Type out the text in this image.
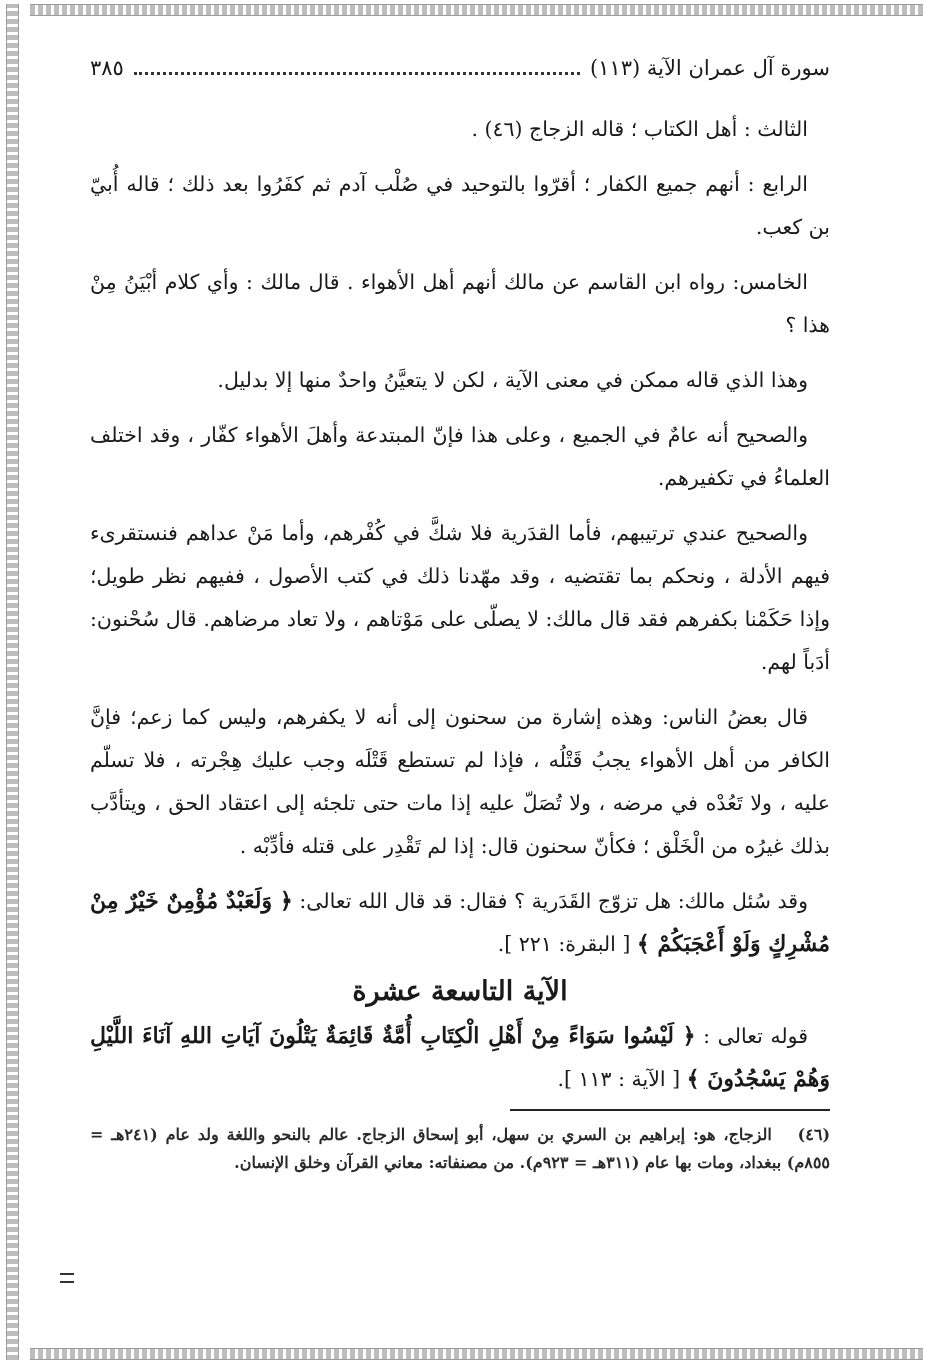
سورة آل عمران الآية (١١٣)
٣٨٥

الثالث : أهل الكتاب ؛ قاله الزجاج (٤٦) .

الرابع : أنهم جميع الكفار ؛ أقرّوا بالتوحيد في صُلْب آدم ثم كفَرُوا بعد ذلك ؛ قاله أُبيّ بن كعب.

الخامس: رواه ابن القاسم عن مالك أنهم أهل الأهواء . قال مالك : وأي كلام أبْيَنُ مِنْ هذا ؟

وهذا الذي قاله ممكن في معنى الآية ، لكن لا يتعيَّنُ واحدٌ منها إلا بدليل.

والصحيح أنه عامٌ في الجميع ، وعلى هذا فإنّ المبتدعة وأهلَ الأهواء كفّار ، وقد اختلف العلماءُ في تكفيرهم.

والصحيح عندي ترتيبهم، فأما القدَرية فلا شكَّ في كُفْرهم، وأما مَنْ عداهم فنستقرىء فيهم الأدلة ، ونحكم بما تقتضيه ، وقد مهّدنا ذلك في كتب الأصول ، ففيهم نظر طويل؛ وإذا حَكَمْنا بكفرهم فقد قال مالك: لا يصلّى على مَوْتاهم ، ولا تعاد مرضاهم. قال سُحْنون: أدَباً لهم.

قال بعضُ الناس: وهذه إشارة من سحنون إلى أنه لا يكفرهم، وليس كما زعم؛ فإنَّ الكافر من أهل الأهواء يجبُ قَتْلُه ، فإذا لم تستطع قَتْلَه وجب عليك هِجْرته ، فلا تسلّم عليه ، ولا تَعُدْه في مرضه ، ولا تُصَلّ عليه إذا مات حتى تلجئه إلى اعتقاد الحق ، ويتأدَّب بذلك غيرُه من الْخَلْق ؛ فكأنّ سحنون قال: إذا لم تَقْدِر على قتله فأدِّبْه .

وقد سُئل مالك: هل تزوّج القَدَرية ؟ فقال: قد قال الله تعالى: ﴿ وَلَعَبْدٌ مُؤْمِنٌ خَيْرٌ مِنْ مُشْرِكٍ وَلَوْ أَعْجَبَكُمْ ﴾ [ البقرة: ٢٢١ ].

الآية التاسعة عشرة

قوله تعالى : ﴿ لَيْسُوا سَوَاءً مِنْ أَهْلِ الْكِتَابِ أُمَّةٌ قَائِمَةٌ يَتْلُونَ آيَاتِ اللهِ آنَاءَ اللَّيْلِ وَهُمْ يَسْجُدُونَ ﴾ [ الآية : ١١٣ ].

(٤٦) الزجاج، هو: إبراهيم بن السري بن سهل، أبو إسحاق الزجاج. عالم بالنحو واللغة ولد عام (٢٤١هـ = ٨٥٥م) ببغداد، ومات بها عام (٣١١هـ = ٩٢٣م). من مصنفاته: معاني القرآن وخلق الإنسان.
